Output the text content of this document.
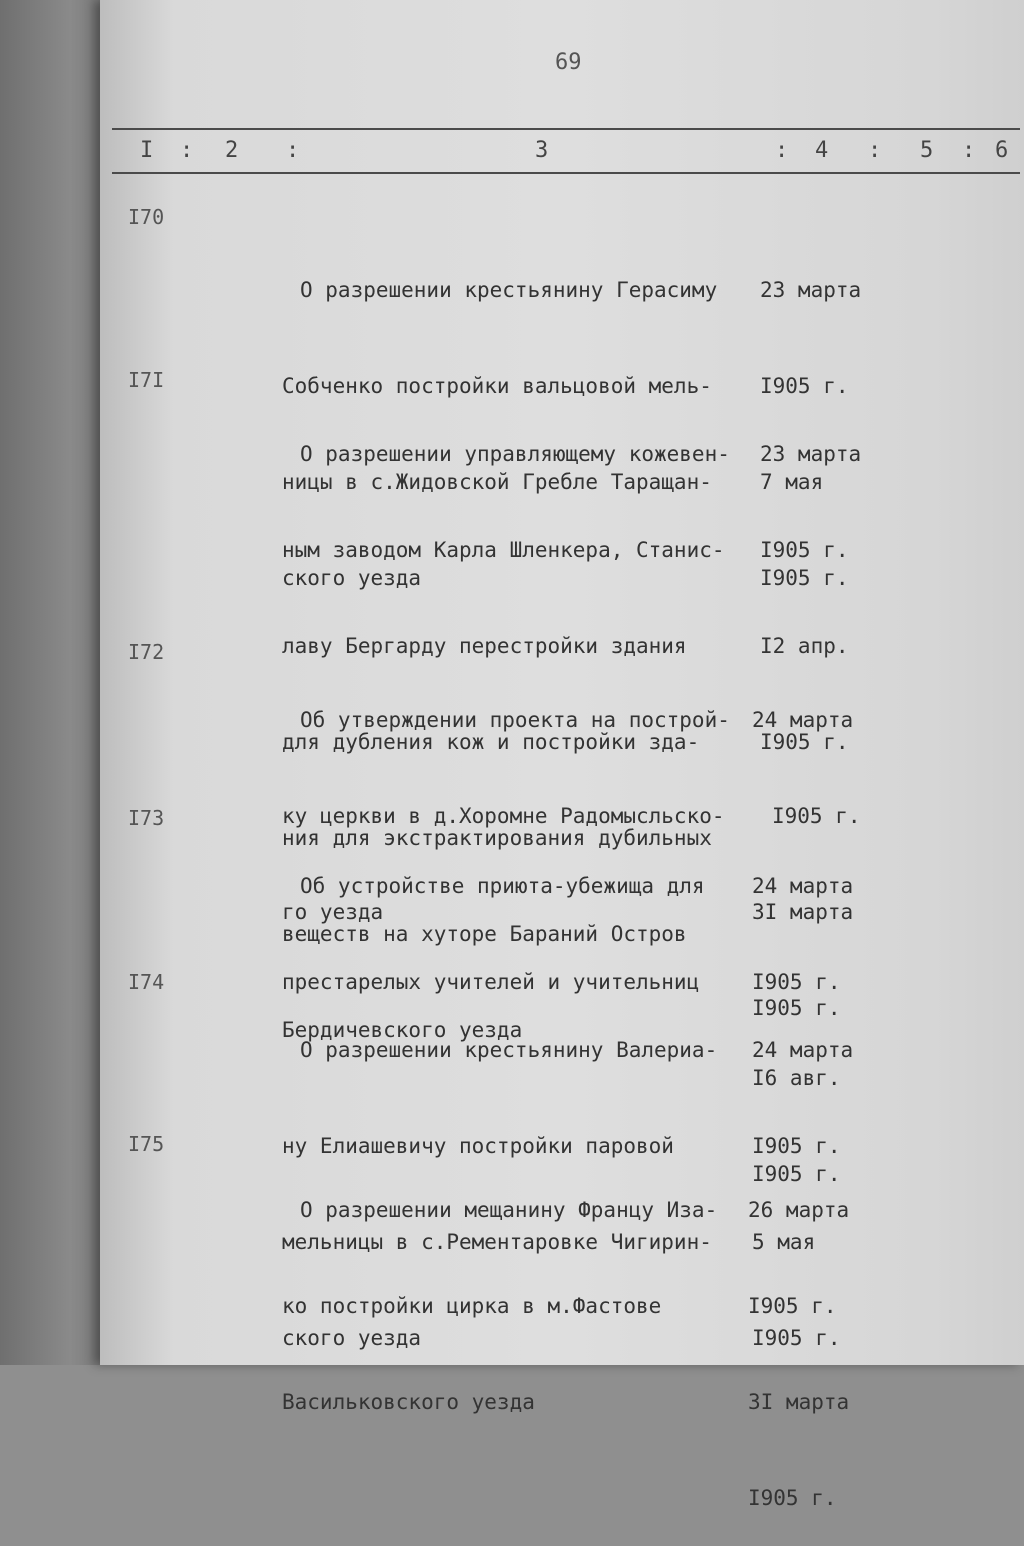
69
I : 2 :	3	: 4 : 5 : 6
I70

О разрешении крестьянину Герасиму

Собченко постройки вальцовой мель-

ницы в с.Жидовской Гребле Таращан-

ского уезда

23 марта

I905 г.

7 мая

I905 г.

I7I

О разрешении управляющему кожевен-

ным заводом Карла Шленкера, Станис-

лаву Бергарду перестройки здания

для дубления кож и постройки зда-

ния для экстрактирования дубильных

веществ на хуторе Бараний Остров

Бердичевского уезда

23 марта

I905 г.

I2 апр.

I905 г.

I72

Об утверждении проекта на построй-

ку церкви в д.Хоромне Радомысльско-

го уезда

24 марта

I905 г.

3I марта

I905 г.

I73

Об устройстве приюта-убежища для

престарелых учителей и учительниц

24 марта

I905 г.

I6 авг.

I905 г.

I74

О разрешении крестьянину Валериа-

ну Елиашевичу постройки паровой

мельницы в с.Рементаровке Чигирин-

ского уезда

24 марта

I905 г.

5 мая

I905 г.

I75

О разрешении мещанину Францу Иза-

ко постройки цирка в м.Фастове

Васильковского уезда

26 марта

I905 г.

3I марта

I905 г.
